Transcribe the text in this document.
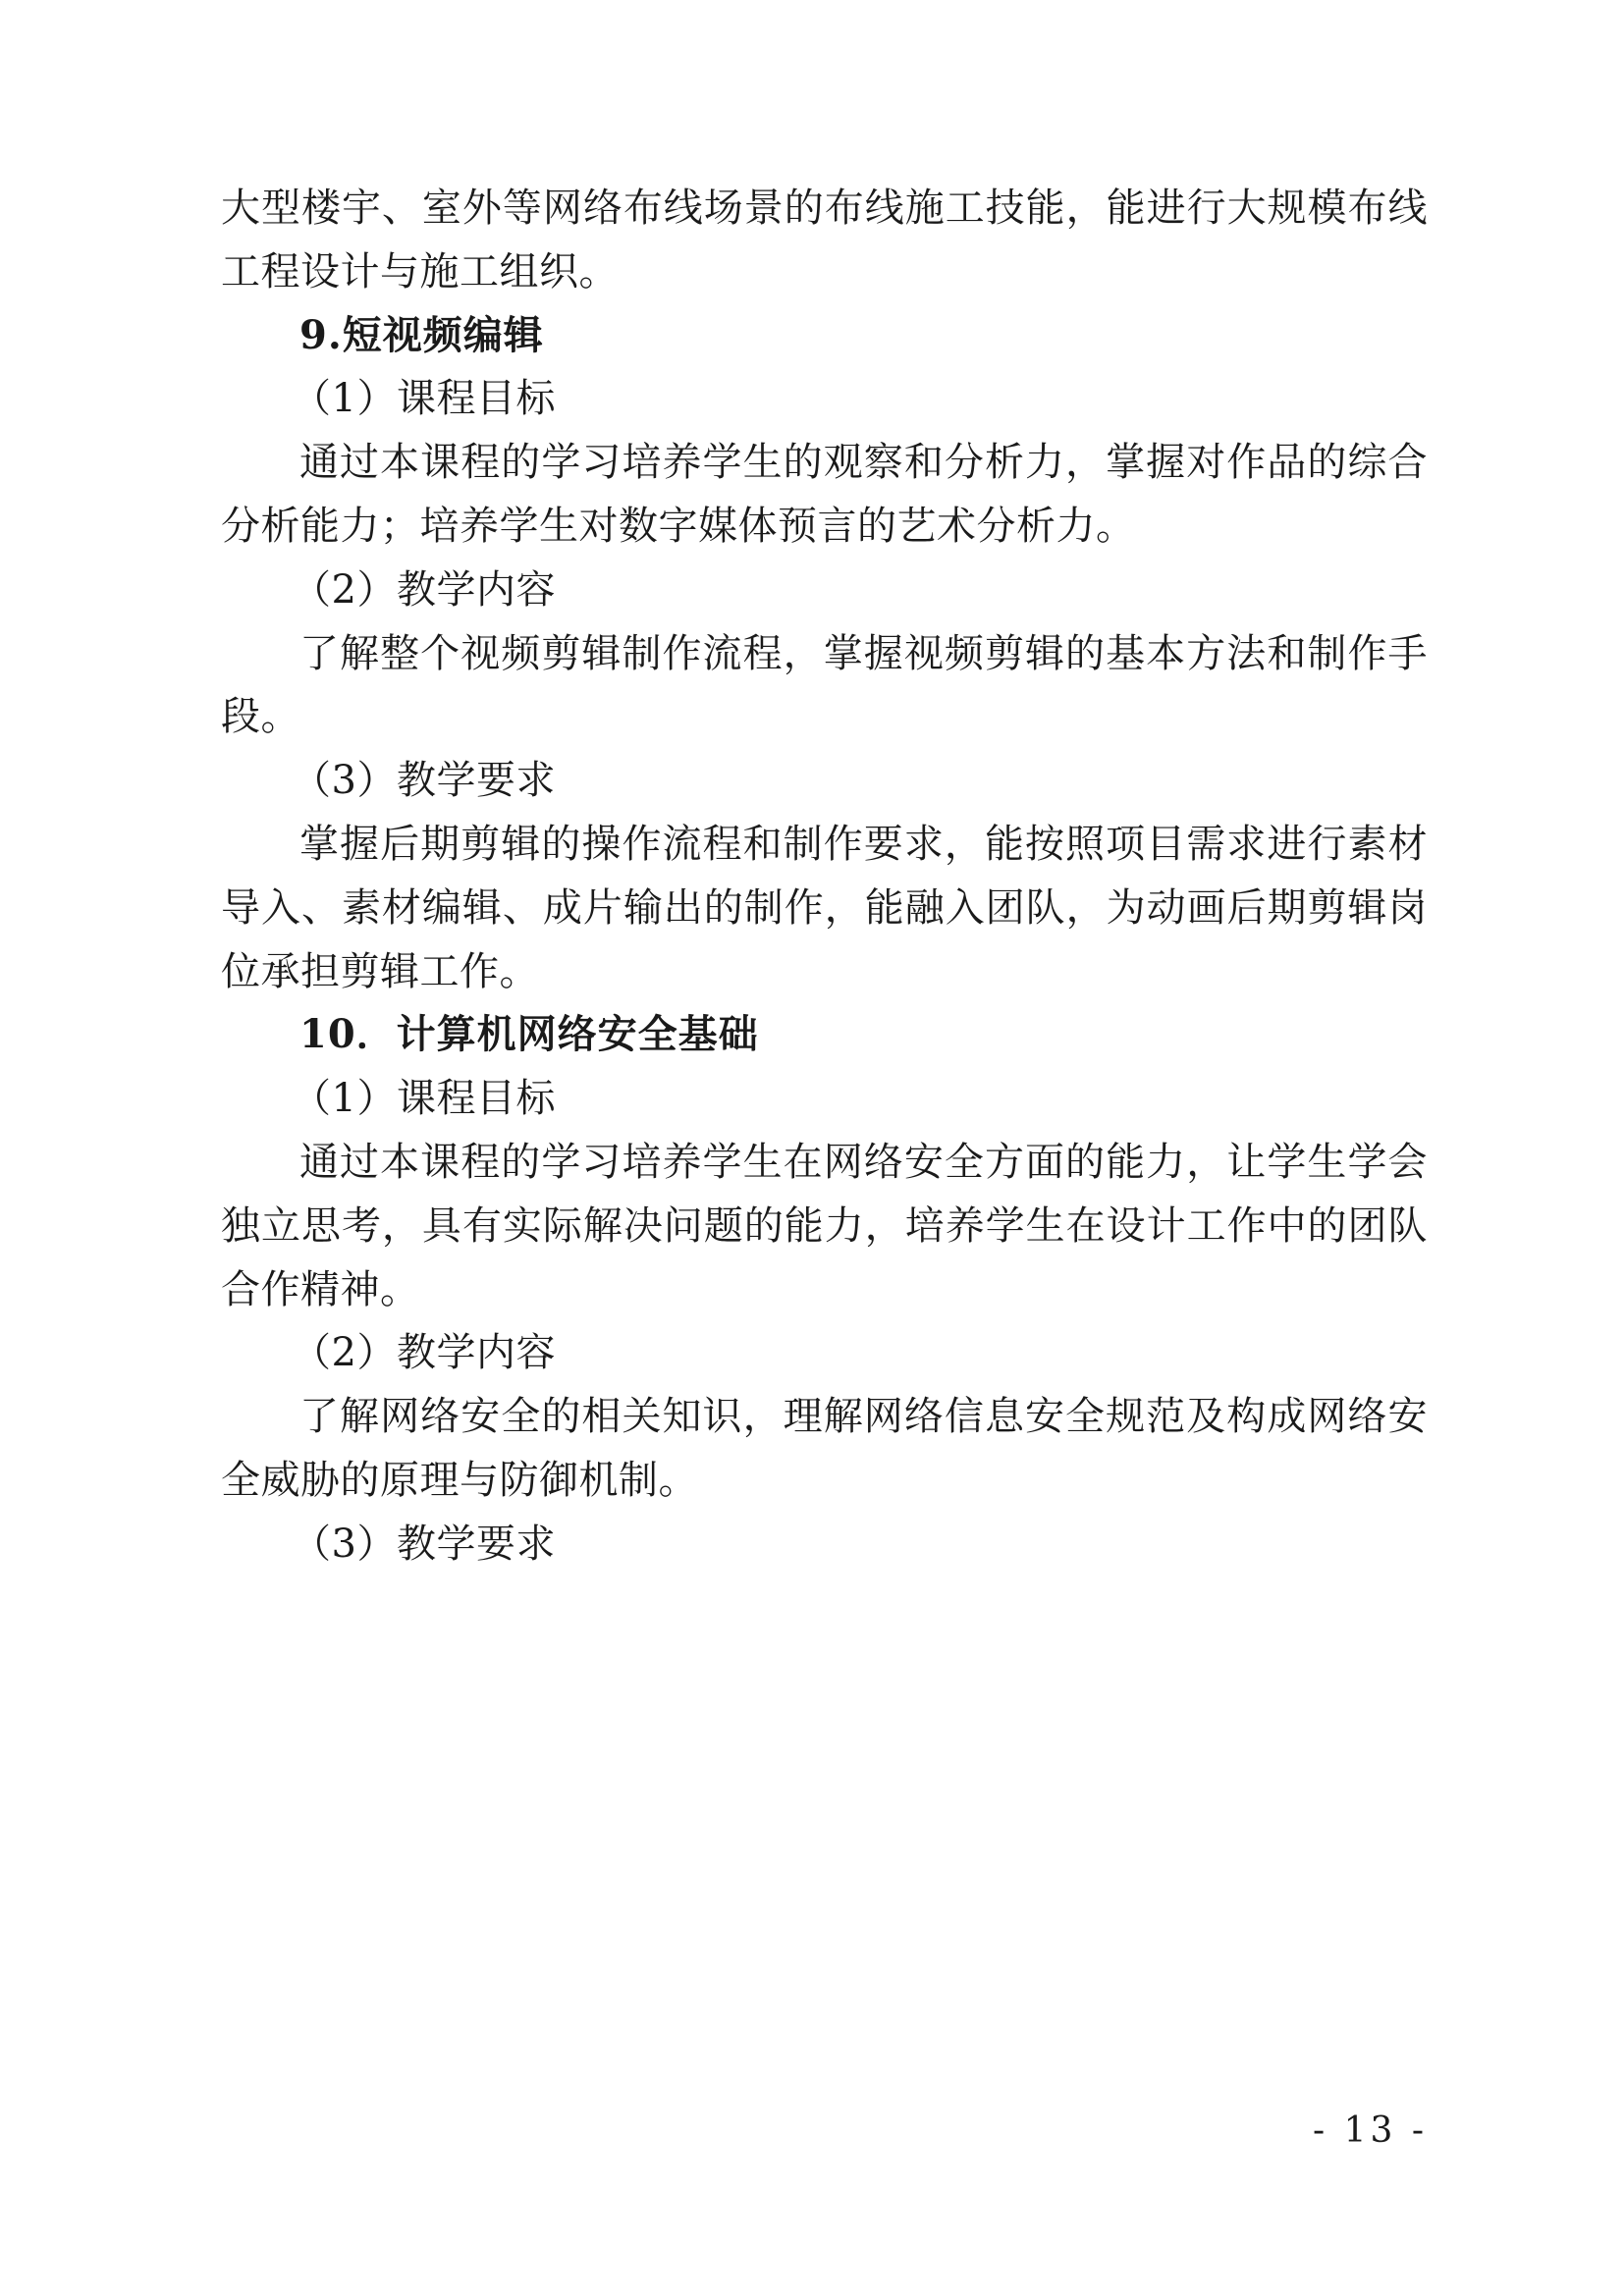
大型楼宇、室外等网络布线场景的布线施工技能，能进行大规模布线工程设计与施工组织。

9.短视频编辑

（1）课程目标

通过本课程的学习培养学生的观察和分析力，掌握对作品的综合分析能力；培养学生对数字媒体预言的艺术分析力。

（2）教学内容

了解整个视频剪辑制作流程，掌握视频剪辑的基本方法和制作手段。

（3）教学要求

掌握后期剪辑的操作流程和制作要求，能按照项目需求进行素材导入、素材编辑、成片输出的制作，能融入团队，为动画后期剪辑岗位承担剪辑工作。

10．计算机网络安全基础

（1）课程目标

通过本课程的学习培养学生在网络安全方面的能力，让学生学会独立思考，具有实际解决问题的能力，培养学生在设计工作中的团队合作精神。

（2）教学内容

了解网络安全的相关知识，理解网络信息安全规范及构成网络安全威胁的原理与防御机制。

（3）教学要求

- 13 -
